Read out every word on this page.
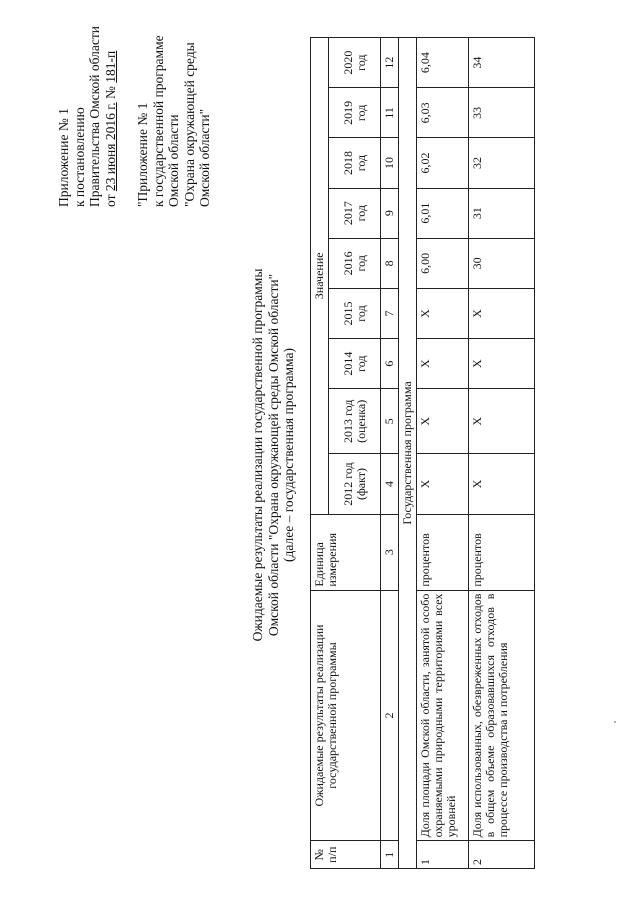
Приложение № 1 к постановлению Правительства Омской области от 23 июня 2016 г. № 181-п
"Приложение № 1 к государственной программе Омской области "Охрана окружающей среды Омской области"
Ожидаемые результаты реализации государственной программы Омской области "Охрана окружающей среды Омской области" (далее – государственная программа)
№ п/п	Ожидаемые результаты реализации государственной программы	Единица измерения	Значение								
			2012 год (факт)	2013 год (оценка)	2014 год	2015 год	2016 год	2017 год	2018 год	2019 год	2020 год
1	2	3	4	5	6	7	8	9	10	11	12
Государственная программа											
1	Доля площади Омской области, занятой особо охраняемыми природными территориями всех уровней	процентов	Х	Х	Х	Х	6,00	6,01	6,02	6,03	6,04
2	Доля использованных, обезвреженных отходов в общем объеме образовавшихся отходов в процессе производства и потребления	процентов	Х	Х	Х	Х	30	31	32	33	34
